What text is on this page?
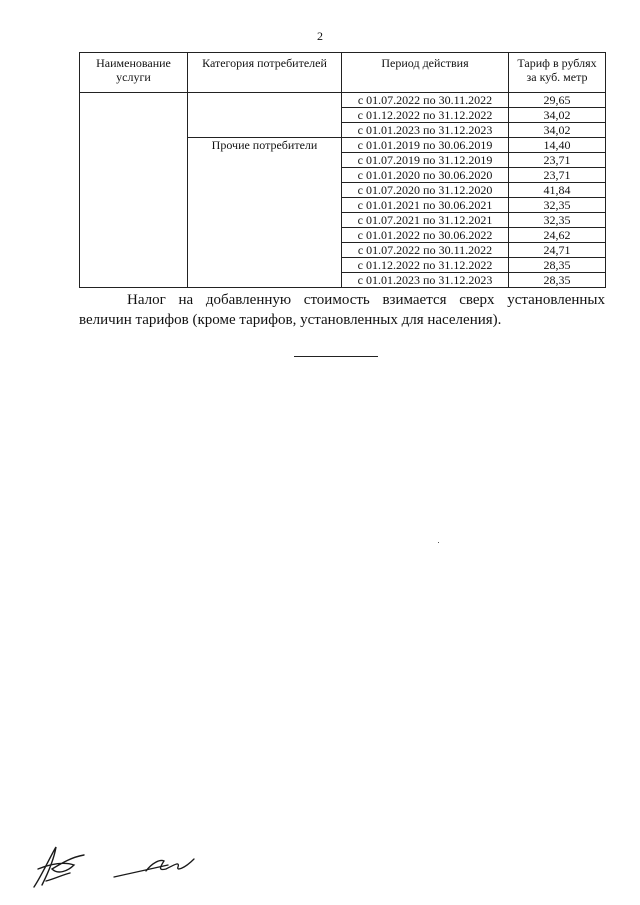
2
Наименование услуги	Категория потребителей	Период действия	Тариф в рублях за куб. метр
		с 01.07.2022 по 30.11.2022	29,65
		с 01.12.2022 по 31.12.2022	34,02
		с 01.01.2023 по 31.12.2023	34,02
	Прочие потребители	с 01.01.2019 по 30.06.2019	14,40
		с 01.07.2019 по 31.12.2019	23,71
		с 01.01.2020 по 30.06.2020	23,71
		с 01.07.2020 по 31.12.2020	41,84
		с 01.01.2021 по 30.06.2021	32,35
		с 01.07.2021 по 31.12.2021	32,35
		с 01.01.2022 по 30.06.2022	24,62
		с 01.07.2022 по 30.11.2022	24,71
		с 01.12.2022 по 31.12.2022	28,35
		с 01.01.2023 по 31.12.2023	28,35
Налог на добавленную стоимость взимается сверх установленных величин тарифов (кроме тарифов, установленных для населения).
